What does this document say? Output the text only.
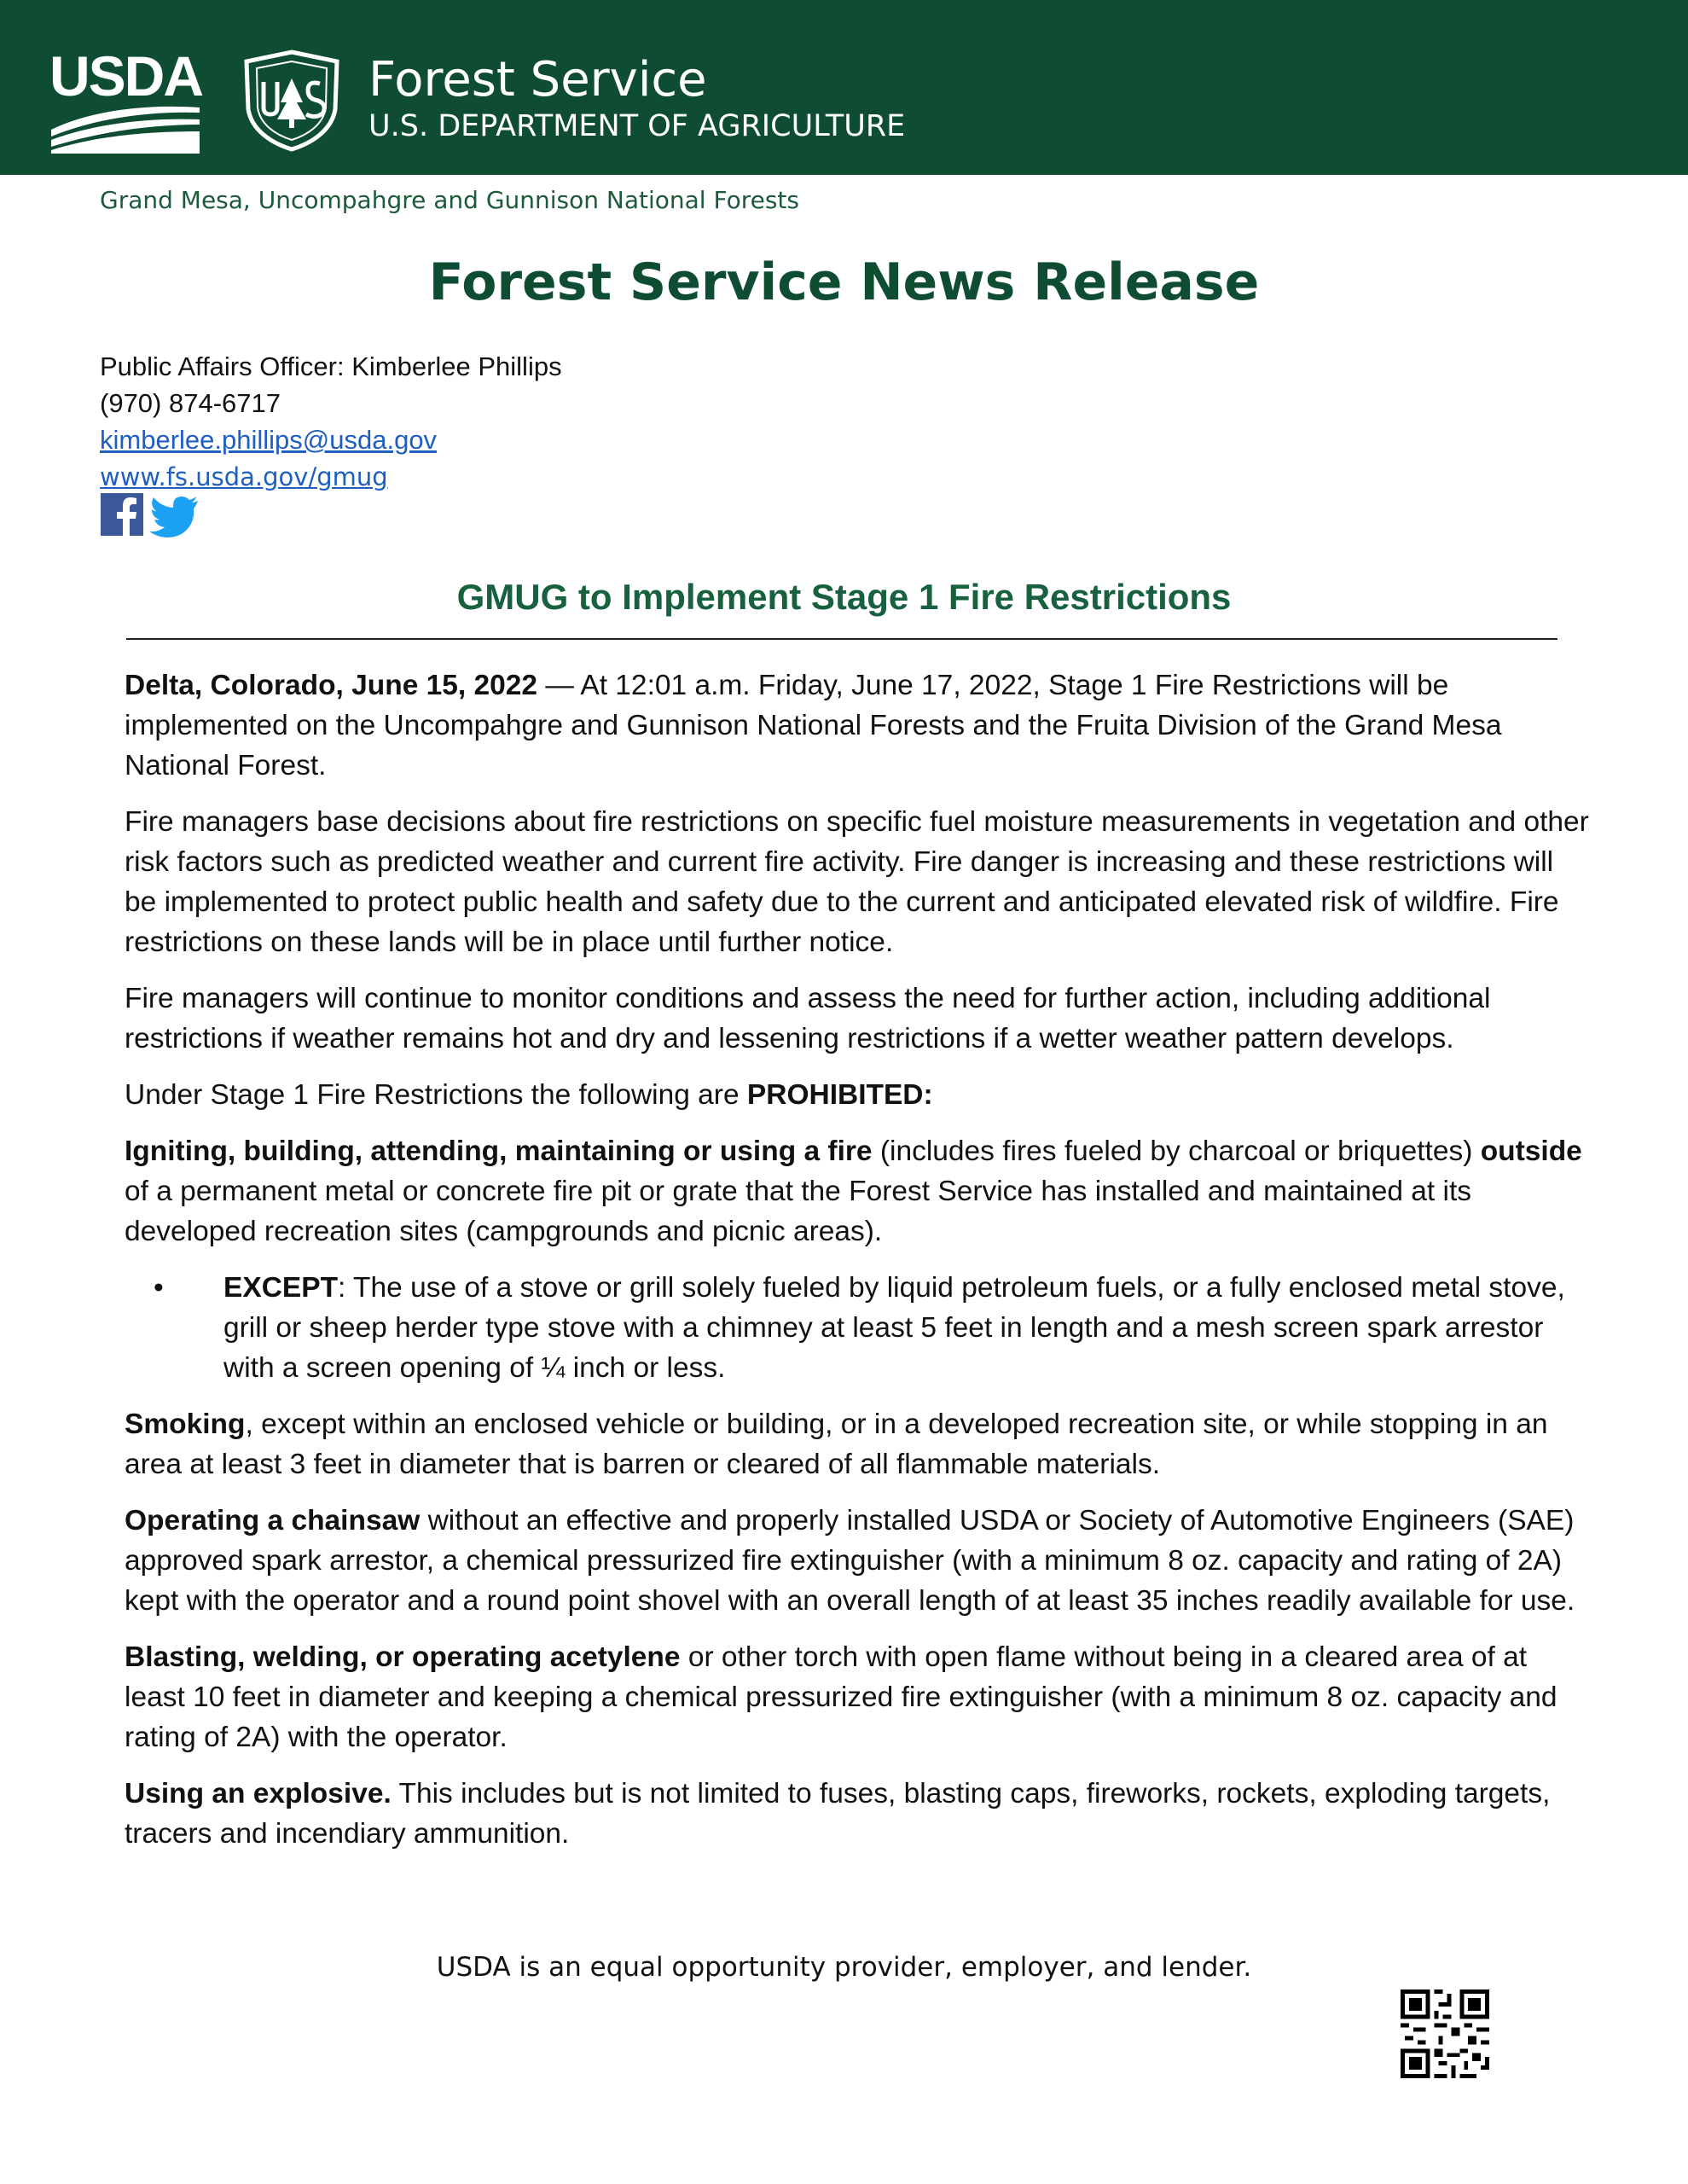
USDA	Forest Service
U.S. DEPARTMENT OF AGRICULTURE
Grand Mesa, Uncompahgre and Gunnison National Forests
Forest Service News Release
Public Affairs Officer: Kimberlee Phillips
(970) 874-6717
kimberlee.phillips@usda.gov
www.fs.usda.gov/gmug

GMUG to Implement Stage 1 Fire Restrictions

Delta, Colorado, June 15, 2022 — At 12:01 a.m. Friday, June 17, 2022, Stage 1 Fire Restrictions will be implemented on the Uncompahgre and Gunnison National Forests and the Fruita Division of the Grand Mesa National Forest.

Fire managers base decisions about fire restrictions on specific fuel moisture measurements in vegetation and other risk factors such as predicted weather and current fire activity. Fire danger is increasing and these restrictions will be implemented to protect public health and safety due to the current and anticipated elevated risk of wildfire. Fire restrictions on these lands will be in place until further notice.

Fire managers will continue to monitor conditions and assess the need for further action, including additional restrictions if weather remains hot and dry and lessening restrictions if a wetter weather pattern develops.

Under Stage 1 Fire Restrictions the following are PROHIBITED:

Igniting, building, attending, maintaining or using a fire (includes fires fueled by charcoal or briquettes) outside of a permanent metal or concrete fire pit or grate that the Forest Service has installed and maintained at its developed recreation sites (campgrounds and picnic areas).

• EXCEPT: The use of a stove or grill solely fueled by liquid petroleum fuels, or a fully enclosed metal stove, grill or sheep herder type stove with a chimney at least 5 feet in length and a mesh screen spark arrestor with a screen opening of ¼ inch or less.

Smoking, except within an enclosed vehicle or building, or in a developed recreation site, or while stopping in an area at least 3 feet in diameter that is barren or cleared of all flammable materials.

Operating a chainsaw without an effective and properly installed USDA or Society of Automotive Engineers (SAE) approved spark arrestor, a chemical pressurized fire extinguisher (with a minimum 8 oz. capacity and rating of 2A) kept with the operator and a round point shovel with an overall length of at least 35 inches readily available for use.

Blasting, welding, or operating acetylene or other torch with open flame without being in a cleared area of at least 10 feet in diameter and keeping a chemical pressurized fire extinguisher (with a minimum 8 oz. capacity and rating of 2A) with the operator.

Using an explosive. This includes but is not limited to fuses, blasting caps, fireworks, rockets, exploding targets, tracers and incendiary ammunition.

USDA is an equal opportunity provider, employer, and lender.
